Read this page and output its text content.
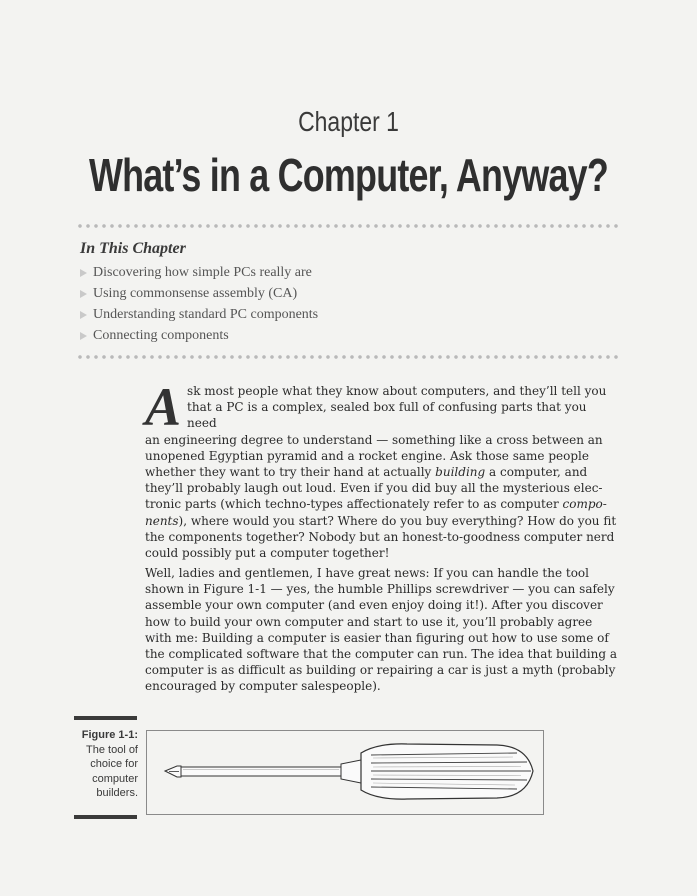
Chapter 1
What’s in a Computer, Anyway?
In This Chapter
Discovering how simple PCs really are
Using commonsense assembly (CA)
Understanding standard PC components
Connecting components
A sk most people what they know about computers, and they’ll tell you
that a PC is a complex, sealed box full of confusing parts that you need
an engineering degree to understand — something like a cross between an
unopened Egyptian pyramid and a rocket engine. Ask those same people
whether they want to try their hand at actually building a computer, and
they’ll probably laugh out loud. Even if you did buy all the mysterious elec-
tronic parts (which techno-types affectionately refer to as computer compo-
nents), where would you start? Where do you buy everything? How do you fit
the components together? Nobody but an honest-to-goodness computer nerd
could possibly put a computer together!
Well, ladies and gentlemen, I have great news: If you can handle the tool
shown in Figure 1-1 — yes, the humble Phillips screwdriver — you can safely
assemble your own computer (and even enjoy doing it!). After you discover
how to build your own computer and start to use it, you’ll probably agree
with me: Building a computer is easier than figuring out how to use some of
the complicated software that the computer can run. The idea that building a
computer is as difficult as building or repairing a car is just a myth (probably
encouraged by computer salespeople).
Figure 1-1:
The tool of
choice for
computer
builders.
